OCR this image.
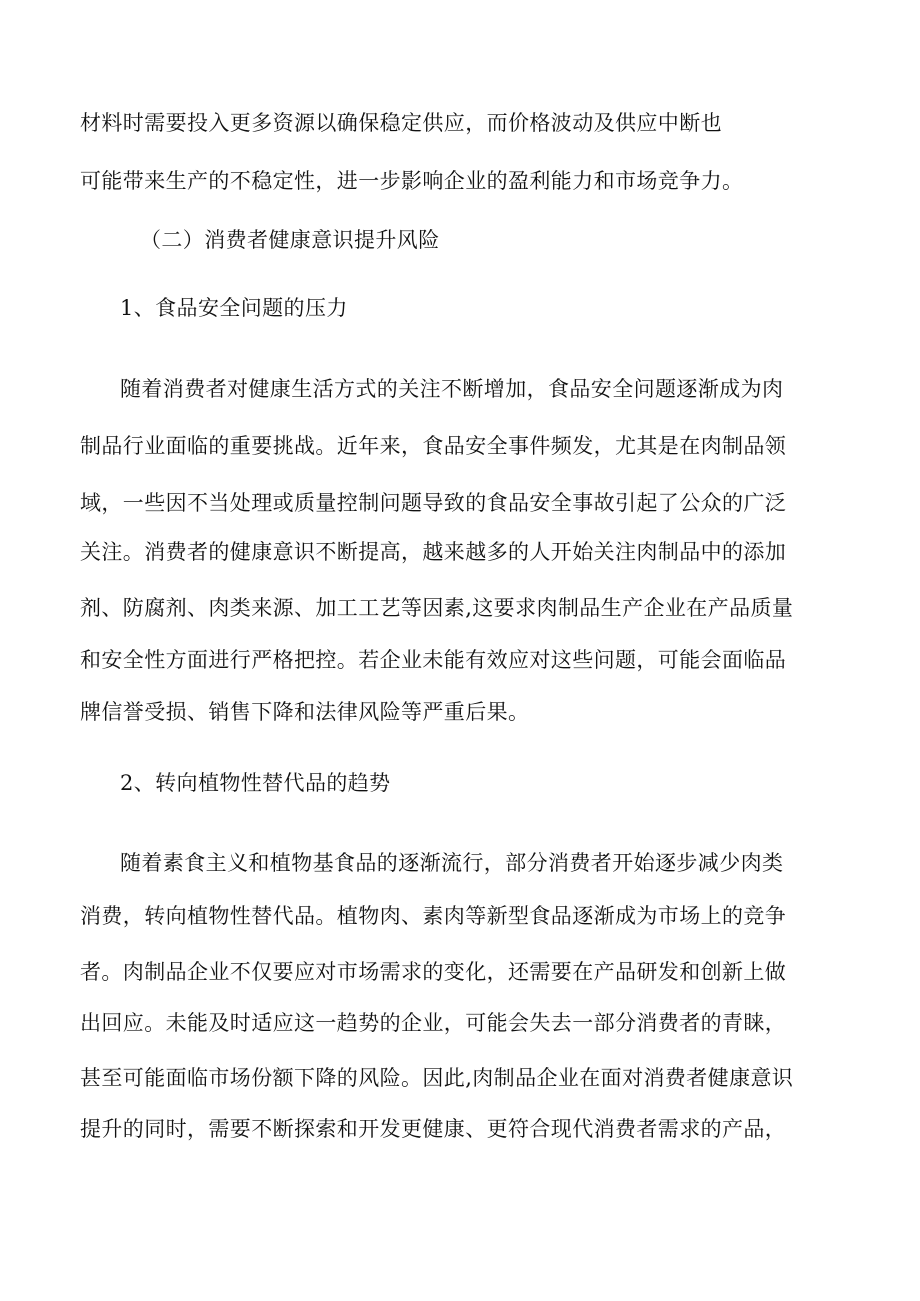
材料时需要投入更多资源以确保稳定供应，而价格波动及供应中断也
可能带来生产的不稳定性，进一步影响企业的盈利能力和市场竞争力。
（二）消费者健康意识提升风险
1、食品安全问题的压力
随着消费者对健康生活方式的关注不断增加，食品安全问题逐渐成为肉
制品行业面临的重要挑战。近年来，食品安全事件频发，尤其是在肉制品领
域，一些因不当处理或质量控制问题导致的食品安全事故引起了公众的广泛
关注。消费者的健康意识不断提高，越来越多的人开始关注肉制品中的添加
剂、防腐剂、肉类来源、加工工艺等因素,这要求肉制品生产企业在产品质量
和安全性方面进行严格把控。若企业未能有效应对这些问题，可能会面临品
牌信誉受损、销售下降和法律风险等严重后果。
2、转向植物性替代品的趋势
随着素食主义和植物基食品的逐渐流行，部分消费者开始逐步减少肉类
消费，转向植物性替代品。植物肉、素肉等新型食品逐渐成为市场上的竞争
者。肉制品企业不仅要应对市场需求的变化，还需要在产品研发和创新上做
出回应。未能及时适应这一趋势的企业，可能会失去一部分消费者的青睐，
甚至可能面临市场份额下降的风险。因此,肉制品企业在面对消费者健康意识
提升的同时，需要不断探索和开发更健康、更符合现代消费者需求的产品，
